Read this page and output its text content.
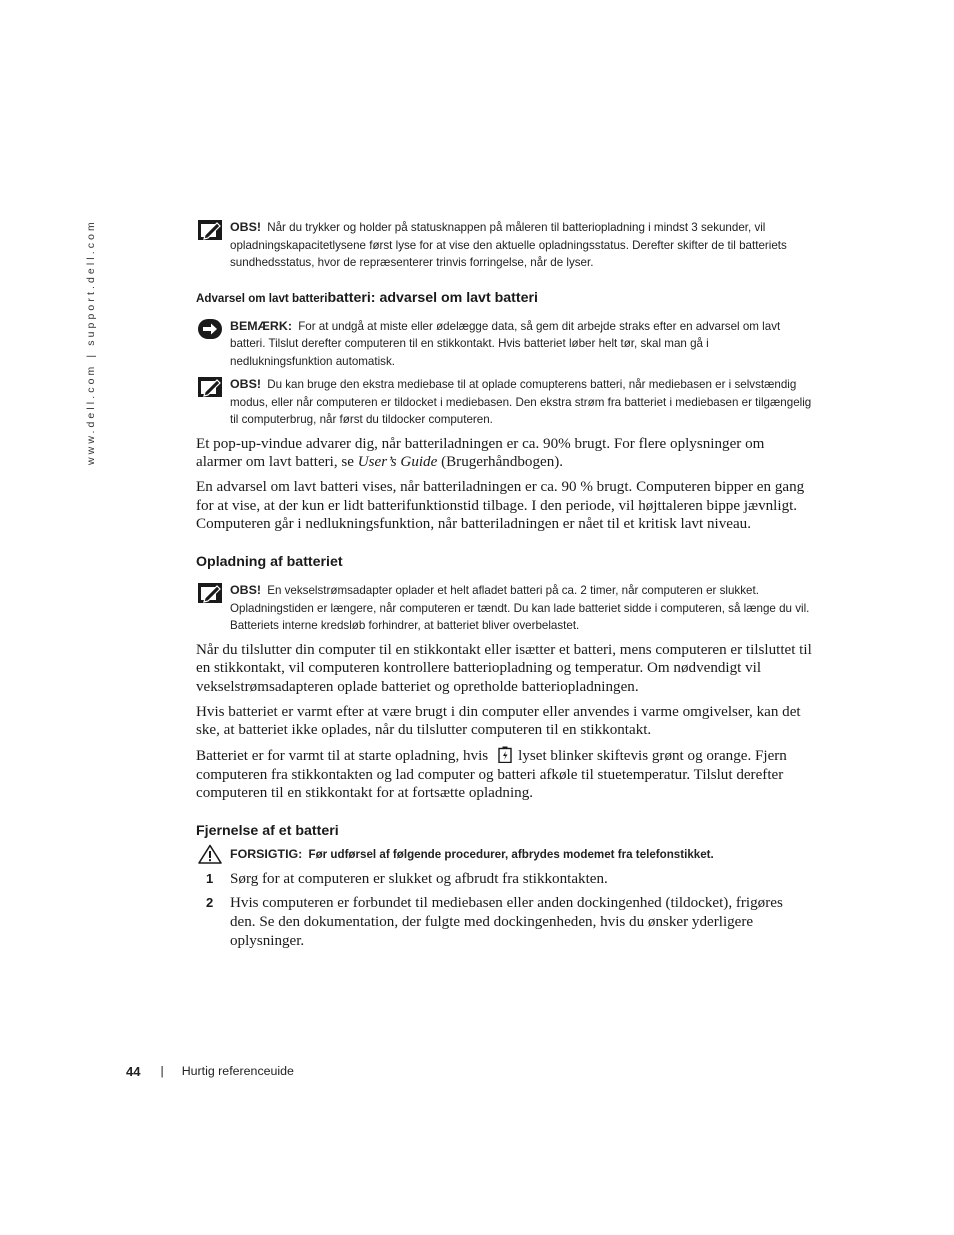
www.dell.com | support.dell.com	OBS! Når du trykker og holder på statusknappen på måleren til batteriopladning i mindst 3 sekunder, vil opladningskapacitetlysene først lyse for at vise den aktuelle opladningsstatus. Derefter skifter de til batteriets sundhedsstatus, hvor de repræsenterer trinvis forringelse, når de lyser.
Advarsel om lavt batteribatteri: advarsel om lavt batteri
BEMÆRK: For at undgå at miste eller ødelægge data, så gem dit arbejde straks efter en advarsel om lavt batteri. Tilslut derefter computeren til en stikkontakt. Hvis batteriet løber helt tør, skal man gå i nedlukningsfunktion automatisk.
OBS! Du kan bruge den ekstra mediebase til at oplade comupterens batteri, når mediebasen er i selvstændig modus, eller når computeren er tildocket i mediebasen. Den ekstra strøm fra batteriet i mediebasen er tilgængelig til computerbrug, når først du tildocker computeren.

Et pop-up-vindue advarer dig, når batteriladningen er ca. 90% brugt. For flere oplysninger om alarmer om lavt batteri, se User’s Guide (Brugerhåndbogen).

En advarsel om lavt batteri vises, når batteriladningen er ca. 90 % brugt. Computeren bipper en gang for at vise, at der kun er lidt batterifunktionstid tilbage. I den periode, vil højttaleren bippe jævnligt. Computeren går i nedlukningsfunktion, når batteriladningen er nået til et kritisk lavt niveau.

Opladning af batteriet
OBS! En vekselstrømsadapter oplader et helt afladet batteri på ca. 2 timer, når computeren er slukket. Opladningstiden er længere, når computeren er tændt. Du kan lade batteriet sidde i computeren, så længe du vil. Batteriets interne kredsløb forhindrer, at batteriet bliver overbelastet.

Når du tilslutter din computer til en stikkontakt eller isætter et batteri, mens computeren er tilsluttet til en stikkontakt, vil computeren kontrollere batteriopladning og temperatur. Om nødvendigt vil vekselstrømsadapteren oplade batteriet og opretholde batteriopladningen.

Hvis batteriet er varmt efter at være brugt i din computer eller anvendes i varme omgivelser, kan det ske, at batteriet ikke oplades, når du tilslutter computeren til en stikkontakt.

Batteriet er for varmt til at starte opladning, hvis lyset blinker skiftevis grønt og orange. Fjern computeren fra stikkontakten og lad computer og batteri afkøle til stuetemperatur. Tilslut derefter computeren til en stikkontakt for at fortsætte opladning.

Fjernelse af et batteri
FORSIGTIG: Før udførsel af følgende procedurer, afbrydes modemet fra telefonstikket.
1 Sørg for at computeren er slukket og afbrudt fra stikkontakten.
2 Hvis computeren er forbundet til mediebasen eller anden dockingenhed (tildocket), frigøres den. Se den dokumentation, der fulgte med dockingenheden, hvis du ønsker yderligere oplysninger.
44 | Hurtig referenceuide
